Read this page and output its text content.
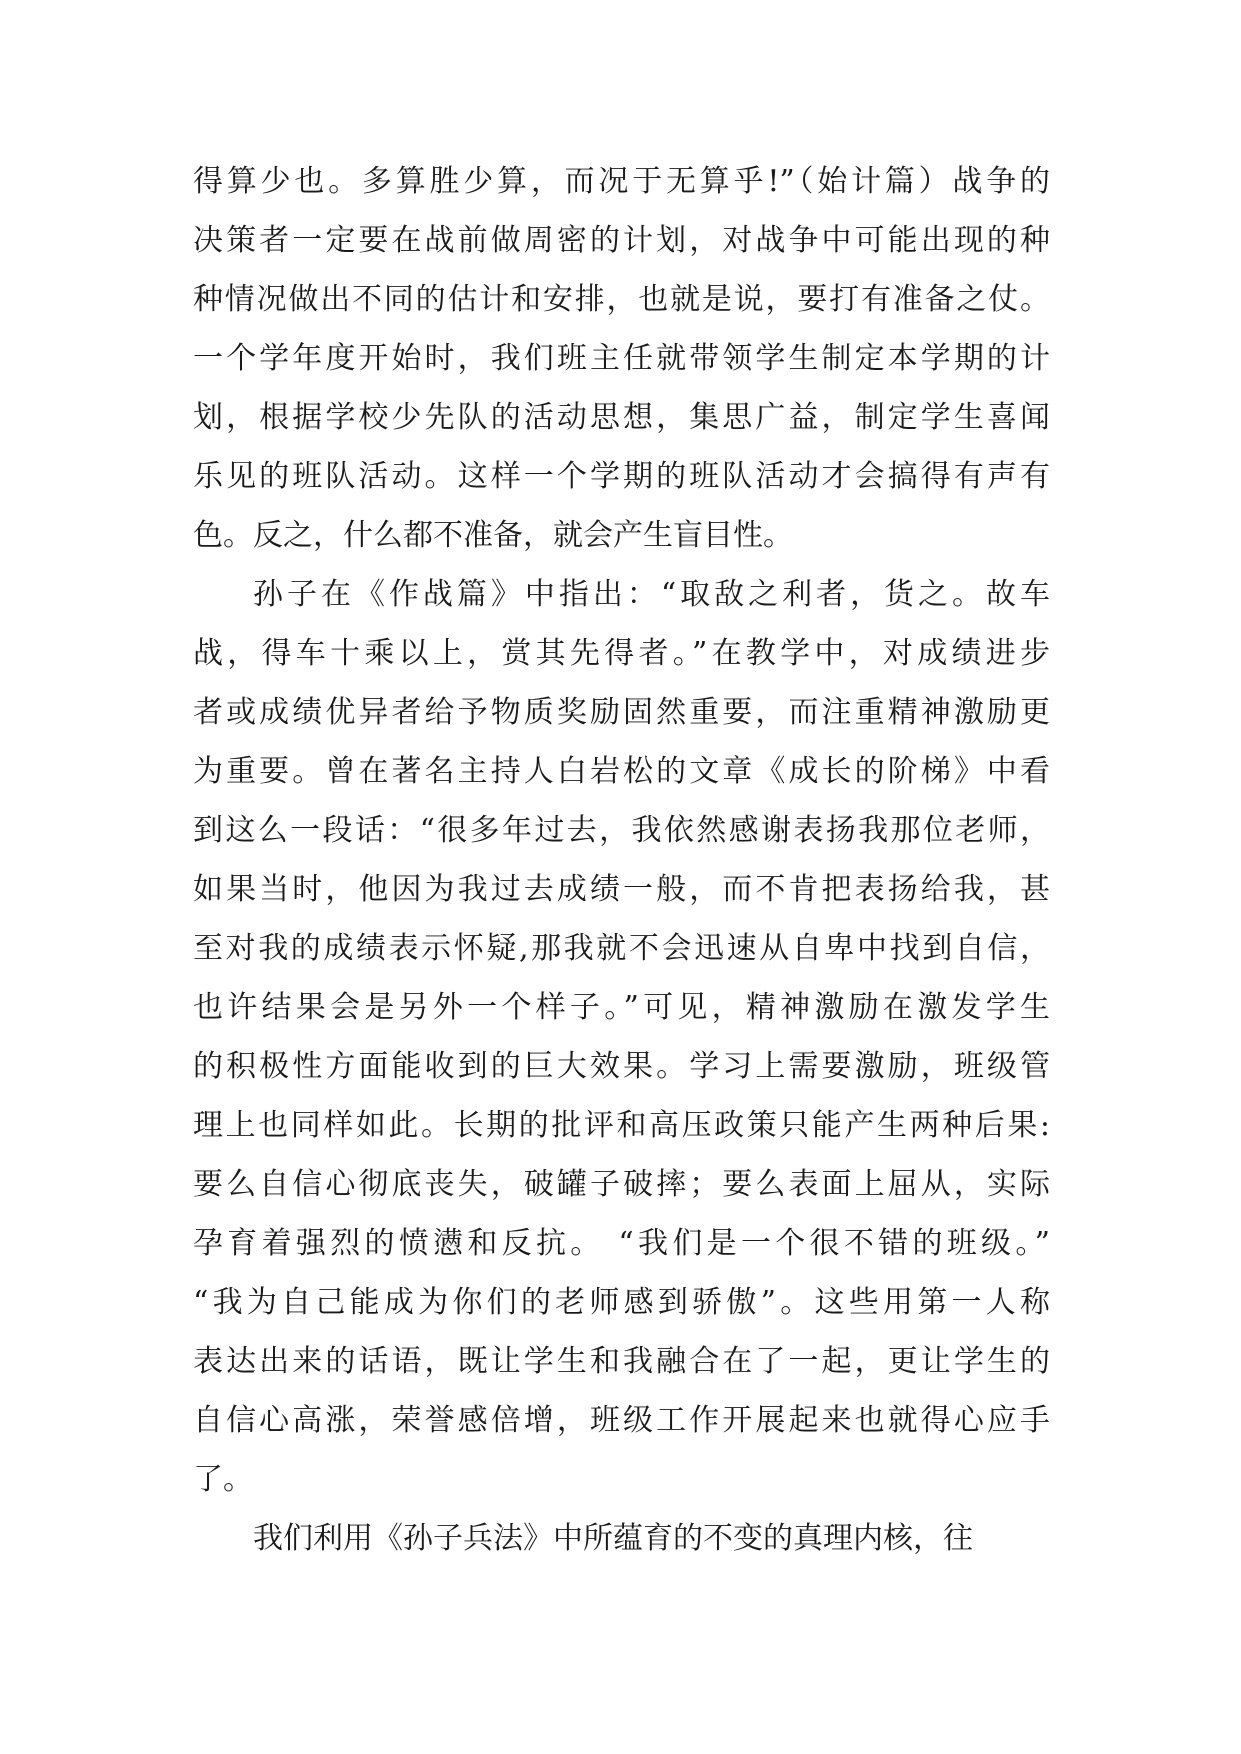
得算少也。多算胜少算，而况于无算乎!”（始计篇）战争的
决策者一定要在战前做周密的计划，对战争中可能出现的种
种情况做出不同的估计和安排，也就是说，要打有准备之仗。
一个学年度开始时，我们班主任就带领学生制定本学期的计
划，根据学校少先队的活动思想，集思广益，制定学生喜闻
乐见的班队活动。这样一个学期的班队活动才会搞得有声有
色。反之，什么都不准备，就会产生盲目性。
孙子在《作战篇》中指出：“取敌之利者，货之。故车
战，得车十乘以上，赏其先得者。”在教学中，对成绩进步
者或成绩优异者给予物质奖励固然重要，而注重精神激励更
为重要。曾在著名主持人白岩松的文章《成长的阶梯》中看
到这么一段话：“很多年过去，我依然感谢表扬我那位老师，
如果当时，他因为我过去成绩一般，而不肯把表扬给我，甚
至对我的成绩表示怀疑,那我就不会迅速从自卑中找到自信，
也许结果会是另外一个样子。”可见，精神激励在激发学生
的积极性方面能收到的巨大效果。学习上需要激励，班级管
理上也同样如此。长期的批评和高压政策只能产生两种后果:
要么自信心彻底丧失，破罐子破摔；要么表面上屈从，实际
孕育着强烈的愤懑和反抗。 “我们是一个很不错的班级。”
“我为自己能成为你们的老师感到骄傲”。这些用第一人称
表达出来的话语，既让学生和我融合在了一起，更让学生的
自信心高涨，荣誉感倍增，班级工作开展起来也就得心应手
了。
我们利用《孙子兵法》中所蕴育的不变的真理内核，往
